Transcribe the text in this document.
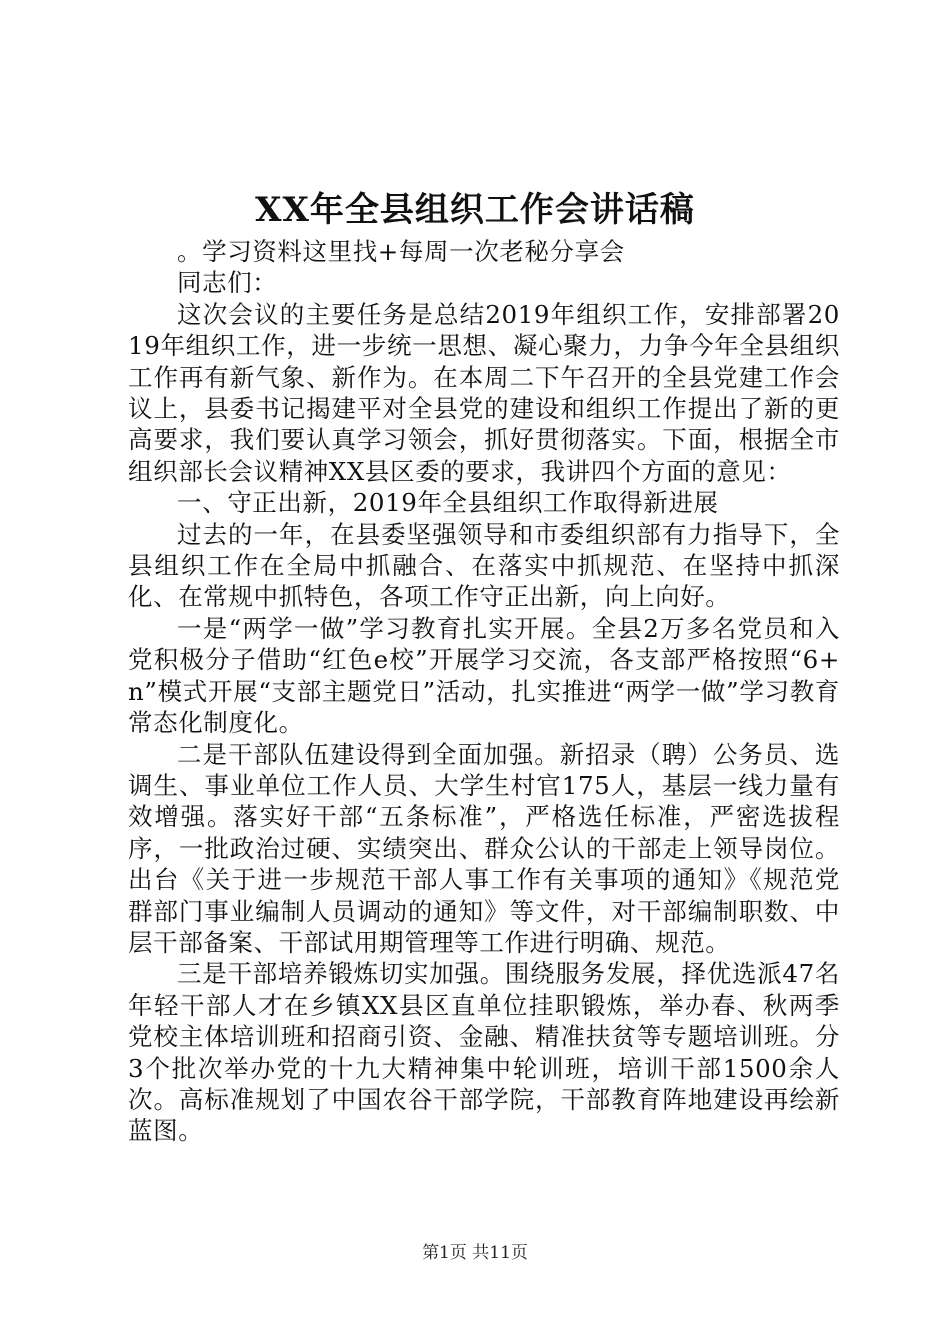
XX年全县组织工作会讲话稿

。学习资料这里找+每周一次老秘分享会

同志们：

这次会议的主要任务是总结2019年组织工作，安排部署2019年组织工作，进一步统一思想、凝心聚力，力争今年全县组织工作再有新气象、新作为。在本周二下午召开的全县党建工作会议上，县委书记揭建平对全县党的建设和组织工作提出了新的更高要求，我们要认真学习领会，抓好贯彻落实。下面，根据全市组织部长会议精神XX县区委的要求，我讲四个方面的意见：

一、守正出新，2019年全县组织工作取得新进展

过去的一年，在县委坚强领导和市委组织部有力指导下，全县组织工作在全局中抓融合、在落实中抓规范、在坚持中抓深化、在常规中抓特色，各项工作守正出新，向上向好。

一是“两学一做”学习教育扎实开展。全县2万多名党员和入党积极分子借助“红色e校”开展学习交流，各支部严格按照“6+n”模式开展“支部主题党日”活动，扎实推进“两学一做”学习教育常态化制度化。

二是干部队伍建设得到全面加强。新招录（聘）公务员、选调生、事业单位工作人员、大学生村官175人，基层一线力量有效增强。落实好干部“五条标准”，严格选任标准，严密选拔程序，一批政治过硬、实绩突出、群众公认的干部走上领导岗位。出台《关于进一步规范干部人事工作有关事项的通知》《规范党群部门事业编制人员调动的通知》等文件，对干部编制职数、中层干部备案、干部试用期管理等工作进行明确、规范。

三是干部培养锻炼切实加强。围绕服务发展，择优选派47名年轻干部人才在乡镇XX县区直单位挂职锻炼，举办春、秋两季党校主体培训班和招商引资、金融、精准扶贫等专题培训班。分3个批次举办党的十九大精神集中轮训班，培训干部1500余人次。高标准规划了中国农谷干部学院，干部教育阵地建设再绘新蓝图。

第1页 共11页
